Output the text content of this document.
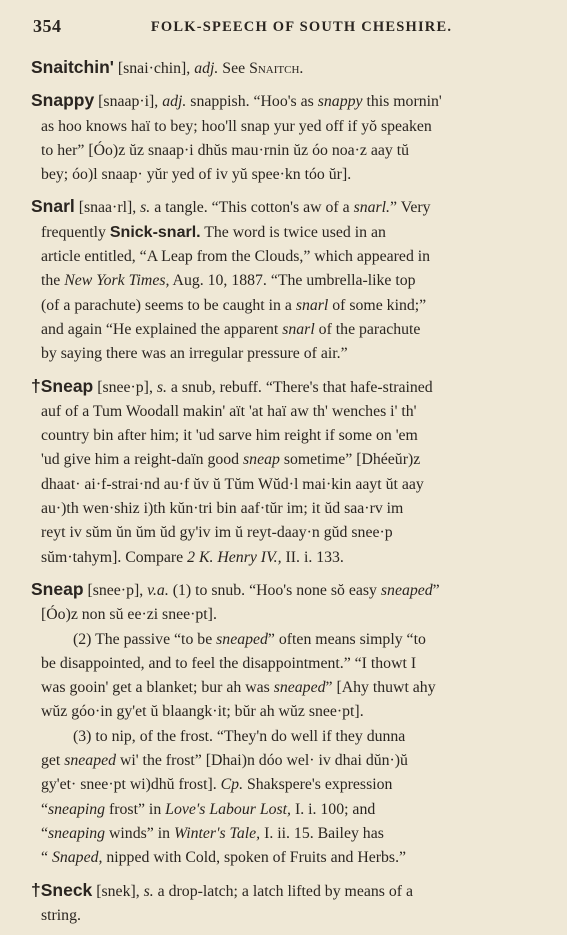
354	FOLK-SPEECH OF SOUTH CHESHIRE.
Snaitchin' [snai·chin], adj. See Snaitch.
Snappy [snaap·i], adj. snappish. “Hoo's as snappy this mornin'
as hoo knows haï to bey; hoo'll snap yur yed off if yŏ speaken
to her” [Óo)z ŭz snaap·i dhŭs mau·rnin ŭz óo noa·z aay tŭ
bey; óo)l snaap· yŭr yed of iv yŭ spee·kn tóo ŭr].
Snarl [snaa·rl], s. a tangle. “This cotton's aw of a snarl.” Very
frequently Snick-snarl. The word is twice used in an
article entitled, “A Leap from the Clouds,” which appeared in
the New York Times, Aug. 10, 1887. “The umbrella-like top
(of a parachute) seems to be caught in a snarl of some kind;”
and again “He explained the apparent snarl of the parachute
by saying there was an irregular pressure of air.”
†Sneap [snee·p], s. a snub, rebuff. “There's that hafe-strained
auf of a Tum Woodall makin' aït 'at haï aw th' wenches i' th'
country bin after him; it 'ud sarve him reight if some on 'em
'ud give him a reight-daïn good sneap sometime” [Dhéeŭr)z
dhaat· ai·f-strai·nd au·f ŭv ŭ Tŭm Wŭd·l mai·kin aayt ŭt aay
au·)th wen·shiz i)th kŭn·tri bin aaf·tŭr im; it ŭd saa·rv im
reyt iv sŭm ŭn ŭm ŭd gy'iv im ŭ reyt-daay·n gŭd snee·p
sŭm·tahym]. Compare 2 K. Henry IV., II. i. 133.
Sneap [snee·p], v.a. (1) to snub. “Hoo's none sŏ easy sneaped”
[Óo)z non sŭ ee·zi snee·pt].
(2) The passive “to be sneaped” often means simply “to
be disappointed, and to feel the disappointment.” “I thowt I
was gooin' get a blanket; bur ah was sneaped” [Ahy thuwt ahy
wŭz góo·in gy'et ŭ blaangk·it; bŭr ah wŭz snee·pt].
(3) to nip, of the frost. “They'n do well if they dunna
get sneaped wi' the frost” [Dhai)n dóo wel· iv dhai dŭn·)ŭ
gy'et· snee·pt wi)dhŭ frost]. Cp. Shakspere's expression
“sneaping frost” in Love's Labour Lost, I. i. 100; and
“sneaping winds” in Winter's Tale, I. ii. 15. Bailey has
“ Snaped, nipped with Cold, spoken of Fruits and Herbs.”
†Sneck [snek], s. a drop-latch; a latch lifted by means of a
string.
